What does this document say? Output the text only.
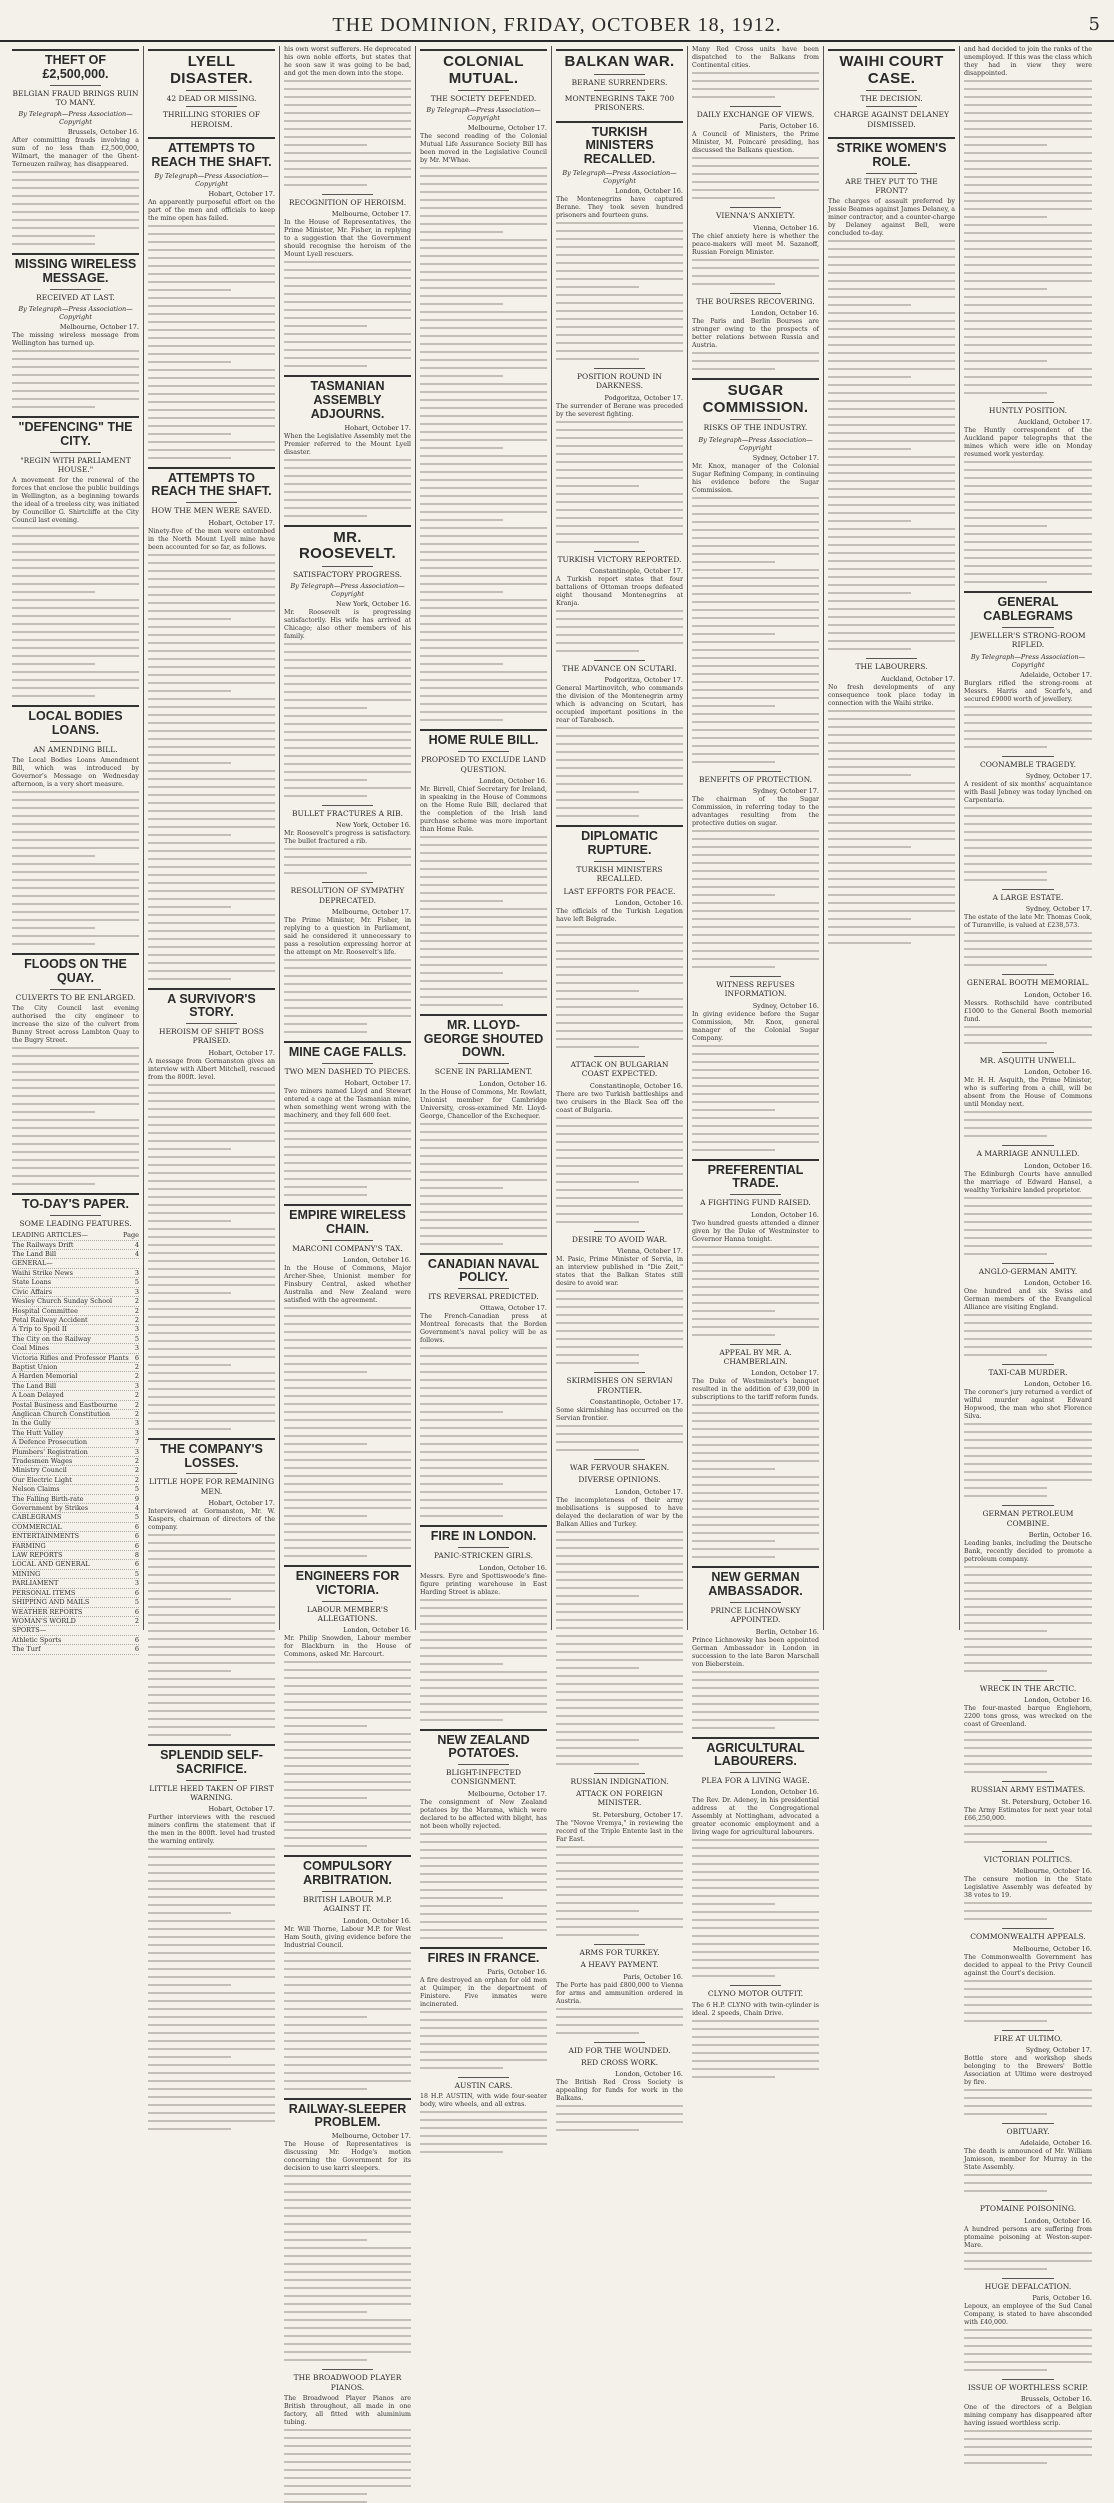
THE DOMINION, FRIDAY, OCTOBER 18, 1912.	5
THEFT OF £2,500,000.
BELGIAN FRAUD BRINGS RUIN TO MANY.
By Telegraph—Press Association—Copyright
Brussels, October 16.

After committing frauds involving a sum of no less than £2,500,000, Wilmart, the manager of the Ghent-Terneuzen railway, has disappeared.

MISSING WIRELESS MESSAGE.
RECEIVED AT LAST.
By Telegraph—Press Association—Copyright
Melbourne, October 17.

The missing wireless message from Wellington has turned up.

"DEFENCING" THE CITY.
"REGIN WITH PARLIAMENT HOUSE."

A movement for the renewal of the forces that enclose the public buildings in Wellington, as a beginning towards the ideal of a treeless city, was initiated by Councillor G. Shirtcliffe at the City Council last evening.

LOCAL BODIES LOANS.
AN AMENDING BILL.

The Local Bodies Loans Amendment Bill, which was introduced by Governor's Message on Wednesday afternoon, is a very short measure.

FLOODS ON THE QUAY.
CULVERTS TO BE ENLARGED.

The City Council last evening authorised the city engineer to increase the size of the culvert from Bunny Street across Lambton Quay to the Bugry Street.

TO-DAY'S PAPER.
SOME LEADING FEATURES.
LEADING ARTICLES—	Page
The Railways Drift	4
The Land Bill	4
GENERAL—
Waihi Strike News	3
State Loans	5
Civic Affairs	3
Wesley Church Sunday School	2
Hospital Committee	2
Petal Railway Accident	2
A Trip to Spoil II	3
The City on the Railway	5
Coal Mines	3
Victoria Rifles and Professor Plants 6
Baptist Union	2
A Harden Memorial	2
The Land Bill	3
A Loan Delayed	2
Postal Business and Eastbourne	2
Anglican Church Constitution	2
In the Gully	3
The Hutt Valley	3
A Defence Prosecution	7
Plumbers' Registration	3
Tradesmen Wages	2
Ministry Council	2
Our Electric Light	2
Nelson Claims	5
The Falling Birth-rate	9
Government by Strikes	4
CABLEGRAMS	5
COMMERCIAL	6
ENTERTAINMENTS	6
FARMING	6
LAW REPORTS	8
LOCAL AND GENERAL	6
MINING	5
PARLIAMENT	3
PERSONAL ITEMS	6
SHIPPING AND MAILS	5
WEATHER REPORTS	6
WOMAN'S WORLD	2
SPORTS—
Athletic Sports	6
The Turf	6
LYELL DISASTER.
42 DEAD OR MISSING.
THRILLING STORIES OF HEROISM.
ATTEMPTS TO REACH THE SHAFT.
By Telegraph—Press Association—Copyright
Hobart, October 17.

An apparently purposeful effort on the part of the men and officials to keep the mine open has failed.

ATTEMPTS TO REACH THE SHAFT.
HOW THE MEN WERE SAVED.
Hobart, October 17.

Ninety-five of the men were entombed in the North Mount Lyell mine have been accounted for so far, as follows.

A SURVIVOR'S STORY.
HEROISM OF SHIFT BOSS PRAISED.
Hobart, October 17.

A message from Gormanston gives an interview with Albert Mitchell, rescued from the 800ft. level.

THE COMPANY'S LOSSES.
LITTLE HOPE FOR REMAINING MEN.
Hobart, October 17.

Interviewed at Gormanston, Mr. W. Kaspers, chairman of directors of the company.

SPLENDID SELF-SACRIFICE.
LITTLE HEED TAKEN OF FIRST WARNING.
Hobart, October 17.

Further interviews with the rescued miners confirm the statement that if the men in the 800ft. level had trusted the warning entirely.

his own worst sufferers. He deprecated his own noble efforts, but states that he soon saw it was going to be bad, and got the men down into the stope.

RECOGNITION OF HEROISM.
Melbourne, October 17.

In the House of Representatives, the Prime Minister, Mr. Fisher, in replying to a suggestion that the Government should recognise the heroism of the Mount Lyell rescuers.

TASMANIAN ASSEMBLY ADJOURNS.
Hobart, October 17.

When the Legislative Assembly met the Premier referred to the Mount Lyell disaster.

MR. ROOSEVELT.
SATISFACTORY PROGRESS.
By Telegraph—Press Association—Copyright
New York, October 16.

Mr. Roosevelt is progressing satisfactorily. His wife has arrived at Chicago; also other members of his family.

BULLET FRACTURES A RIB.
New York, October 16.

Mr. Roosevelt's progress is satisfactory. The bullet fractured a rib.

RESOLUTION OF SYMPATHY DEPRECATED.
Melbourne, October 17.

The Prime Minister, Mr. Fisher, in replying to a question in Parliament, said he considered it unnecessary to pass a resolution expressing horror at the attempt on Mr. Roosevelt's life.

MINE CAGE FALLS.
TWO MEN DASHED TO PIECES.
Hobart, October 17.

Two miners named Lloyd and Stewart entered a cage at the Tasmanian mine, when something went wrong with the machinery, and they fell 600 feet.

EMPIRE WIRELESS CHAIN.
MARCONI COMPANY'S TAX.
London, October 16.

In the House of Commons, Major Archer-Shee, Unionist member for Finsbury Central, asked whether Australia and New Zealand were satisfied with the agreement.

ENGINEERS FOR VICTORIA.
LABOUR MEMBER'S ALLEGATIONS.
London, October 16.

Mr. Philip Snowden, Labour member for Blackburn in the House of Commons, asked Mr. Harcourt.

COMPULSORY ARBITRATION.
BRITISH LABOUR M.P. AGAINST IT.
London, October 16.

Mr. Will Thorne, Labour M.P. for West Ham South, giving evidence before the Industrial Council.

RAILWAY-SLEEPER PROBLEM.
Melbourne, October 17.

The House of Representatives is discussing Mr. Hodge's motion concerning the Government for its decision to use karri sleepers.

THE BROADWOOD PLAYER PIANOS.

The Broadwood Player Pianos are British throughout, all made in one factory, all fitted with aluminium tubing.

COLONIAL MUTUAL.
THE SOCIETY DEFENDED.
By Telegraph—Press Association—Copyright
Melbourne, October 17.

The second reading of the Colonial Mutual Life Assurance Society Bill has been moved in the Legislative Council by Mr. M'Whae.

HOME RULE BILL.
PROPOSED TO EXCLUDE LAND QUESTION.
London, October 16.

Mr. Birrell, Chief Secretary for Ireland, in speaking in the House of Commons on the Home Rule Bill, declared that the completion of the Irish land purchase scheme was more important than Home Rule.

MR. LLOYD-GEORGE SHOUTED DOWN.
SCENE IN PARLIAMENT.
London, October 16.

In the House of Commons, Mr. Rowlatt, Unionist member for Cambridge University, cross-examined Mr. Lloyd-George, Chancellor of the Exchequer.

CANADIAN NAVAL POLICY.
ITS REVERSAL PREDICTED.
Ottawa, October 17.

The French-Canadian press at Montreal forecasts that the Borden Government's naval policy will be as follows.

FIRE IN LONDON.
PANIC-STRICKEN GIRLS.
London, October 16.

Messrs. Eyre and Spottiswoode's fine-figure printing warehouse in East Harding Street is ablaze.

NEW ZEALAND POTATOES.
BLIGHT-INFECTED CONSIGNMENT.
Melbourne, October 17.

The consignment of New Zealand potatoes by the Marama, which were declared to be affected with blight, has not been wholly rejected.

FIRES IN FRANCE.
Paris, October 16.

A fire destroyed an orphan for old men at Quimper, in the department of Finistere. Five inmates were incinerated.

AUSTIN CARS.

18 H.P. AUSTIN, with wide four-seater body, wire wheels, and all extras.

BALKAN WAR.
BERANE SURRENDERS.
MONTENEGRINS TAKE 700 PRISONERS.
TURKISH MINISTERS RECALLED.
By Telegraph—Press Association—Copyright
London, October 16.

The Montenegrins have captured Berane. They took seven hundred prisoners and fourteen guns.

POSITION ROUND IN DARKNESS.
Podgoritza, October 17.

The surrender of Berane was preceded by the severest fighting.

TURKISH VICTORY REPORTED.
Constantinople, October 17.

A Turkish report states that four battalions of Ottoman troops defeated eight thousand Montenegrins at Kranja.

THE ADVANCE ON SCUTARI.
Podgoritza, October 17.

General Martinovitch, who commands the division of the Montenegrin army which is advancing on Scutari, has occupied important positions in the rear of Tarabosch.

DIPLOMATIC RUPTURE.
TURKISH MINISTERS RECALLED.
LAST EFFORTS FOR PEACE.
London, October 16.

The officials of the Turkish Legation have left Belgrade.

ATTACK ON BULGARIAN COAST EXPECTED.
Constantinople, October 16.

There are two Turkish battleships and two cruisers in the Black Sea off the coast of Bulgaria.

DESIRE TO AVOID WAR.
Vienna, October 17.

M. Pasic, Prime Minister of Servia, in an interview published in "Die Zeit," states that the Balkan States still desire to avoid war.

SKIRMISHES ON SERVIAN FRONTIER.
Constantinople, October 17.

Some skirmishing has occurred on the Servian frontier.

WAR FERVOUR SHAKEN.
DIVERSE OPINIONS.
London, October 17.

The incompleteness of their army mobilisations is supposed to have delayed the declaration of war by the Balkan Allies and Turkey.

RUSSIAN INDIGNATION.
ATTACK ON FOREIGN MINISTER.
St. Petersburg, October 17.

The "Novoe Vremya," in reviewing the record of the Triple Entente last in the Far East.

ARMS FOR TURKEY.
A HEAVY PAYMENT.
Paris, October 16.

The Porte has paid £800,000 to Vienna for arms and ammunition ordered in Austria.

AID FOR THE WOUNDED.
RED CROSS WORK.
London, October 16.

The British Red Cross Society is appealing for funds for work in the Balkans.

Many Red Cross units have been dispatched to the Balkans from Continental cities.

DAILY EXCHANGE OF VIEWS.
Paris, October 16.

A Council of Ministers, the Prime Minister, M. Poincaré presiding, has discussed the Balkans question.

VIENNA'S ANXIETY.
Vienna, October 16.

The chief anxiety here is whether the peace-makers will meet M. Sazanoff, Russian Foreign Minister.

THE BOURSES RECOVERING.
London, October 16.

The Paris and Berlin Bourses are stronger owing to the prospects of better relations between Russia and Austria.

SUGAR COMMISSION.
RISKS OF THE INDUSTRY.
By Telegraph—Press Association—Copyright
Sydney, October 17.

Mr. Knox, manager of the Colonial Sugar Refining Company, in continuing his evidence before the Sugar Commission.

BENEFITS OF PROTECTION.
Sydney, October 17.

The chairman of the Sugar Commission, in referring today to the advantages resulting from the protective duties on sugar.

WITNESS REFUSES INFORMATION.
Sydney, October 16.

In giving evidence before the Sugar Commission, Mr. Knox, general manager of the Colonial Sugar Company.

PREFERENTIAL TRADE.
A FIGHTING FUND RAISED.
London, October 16.

Two hundred guests attended a dinner given by the Duke of Westminster to Governor Hanna tonight.

APPEAL BY MR. A. CHAMBERLAIN.
London, October 17.

The Duke of Westminster's banquet resulted in the addition of £39,000 in subscriptions to the tariff reform funds.

NEW GERMAN AMBASSADOR.
PRINCE LICHNOWSKY APPOINTED.
Berlin, October 16.

Prince Lichnowsky has been appointed German Ambassador in London in succession to the late Baron Marschall von Bieberstein.

AGRICULTURAL LABOURERS.
PLEA FOR A LIVING WAGE.
London, October 16.

The Rev. Dr. Adeney, in his presidential address at the Congregational Assembly at Nottingham, advocated a greater economic employment and a living wage for agricultural labourers.

CLYNO MOTOR OUTFIT.

The 6 H.P. CLYNO with twin-cylinder is ideal. 2 speeds, Chain Drive.

WAIHI COURT CASE.
THE DECISION.
CHARGE AGAINST DELANEY DISMISSED.
STRIKE WOMEN'S ROLE.
ARE THEY PUT TO THE FRONT?

The charges of assault preferred by Jessie Beames against James Delaney, a miner contractor, and a counter-charge by Delaney against Bell, were concluded to-day.

THE LABOURERS.
Auckland, October 17.

No fresh developments of any consequence took place today in connection with the Waihi strike.

and had decided to join the ranks of the unemployed. If this was the class which they had in view they were disappointed.

HUNTLY POSITION.
Auckland, October 17.

The Huntly correspondent of the Auckland paper telegraphs that the mines which were idle on Monday resumed work yesterday.

GENERAL CABLEGRAMS
JEWELLER'S STRONG-ROOM RIFLED.
By Telegraph—Press Association—Copyright
Adelaide, October 17.

Burglars rifled the strong-room at Messrs. Harris and Scarfe's, and secured £9000 worth of jewellery.

COONAMBLE TRAGEDY.
Sydney, October 17.

A resident of six months' acquaintance with Basil Jebney was today lynched on Carpentaria.

A LARGE ESTATE.
Sydney, October 17.

The estate of the late Mr. Thomas Cook, of Turanville, is valued at £238,573.

GENERAL BOOTH MEMORIAL.
London, October 16.

Messrs. Rothschild have contributed £1000 to the General Booth memorial fund.

MR. ASQUITH UNWELL.
London, October 16.

Mr. H. H. Asquith, the Prime Minister, who is suffering from a chill, will be absent from the House of Commons until Monday next.

A MARRIAGE ANNULLED.
London, October 16.

The Edinburgh Courts have annulled the marriage of Edward Hansel, a wealthy Yorkshire landed proprietor.

ANGLO-GERMAN AMITY.
London, October 16.

One hundred and six Swiss and German members of the Evangelical Alliance are visiting England.

TAXI-CAB MURDER.
London, October 16.

The coroner's jury returned a verdict of wilful murder against Edward Hopwood, the man who shot Florence Silva.

GERMAN PETROLEUM COMBINE.
Berlin, October 16.

Leading banks, including the Deutsche Bank, recently decided to promote a petroleum company.

WRECK IN THE ARCTIC.
London, October 16.

The four-masted barque Englehorn, 2200 tons gross, was wrecked on the coast of Greenland.

RUSSIAN ARMY ESTIMATES.
St. Petersburg, October 16.

The Army Estimates for next year total £66,250,000.

VICTORIAN POLITICS.
Melbourne, October 16.

The censure motion in the State Legislative Assembly was defeated by 38 votes to 19.

COMMONWEALTH APPEALS.
Melbourne, October 16.

The Commonwealth Government has decided to appeal to the Privy Council against the Court's decision.

FIRE AT ULTIMO.
Sydney, October 17.

Bottle store and workshop sheds belonging to the Brewers' Bottle Association at Ultimo were destroyed by fire.

OBITUARY.
Adelaide, October 16.

The death is announced of Mr. William Jamieson, member for Murray in the State Assembly.

PTOMAINE POISONING.
London, October 16.

A hundred persons are suffering from ptomaine poisoning at Weston-super-Mare.

HUGE DEFALCATION.
Paris, October 16.

Lepoux, an employee of the Sud Canal Company, is stated to have absconded with £40,000.

ISSUE OF WORTHLESS SCRIP.
Brussels, October 16.

One of the directors of a Belgian mining company has disappeared after having issued worthless scrip.
